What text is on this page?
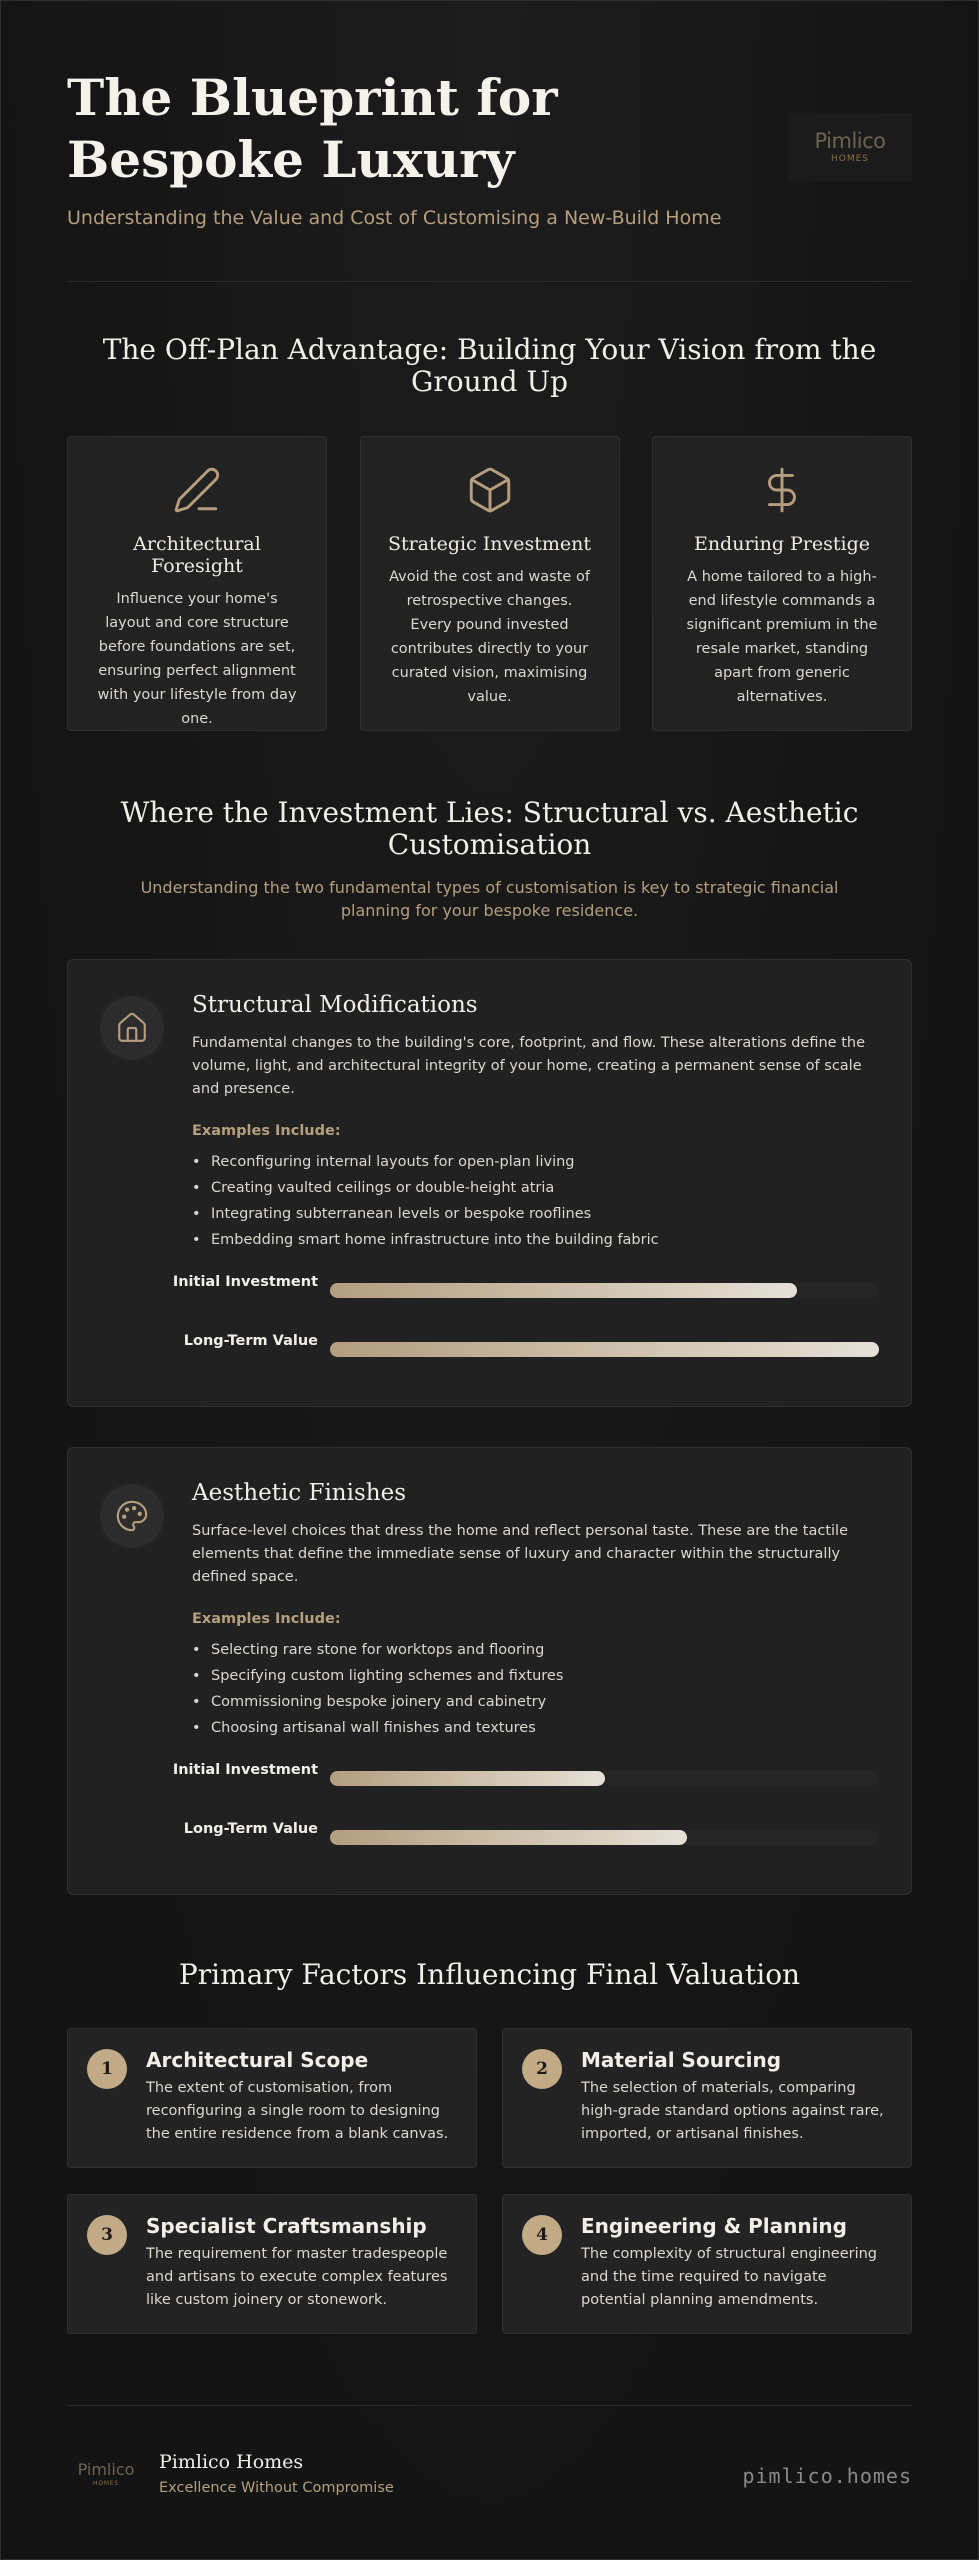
The Blueprint for Bespoke Luxury
Understanding the Value and Cost of Customising a New-Build Home
Pimlico
HOMES
The Off-Plan Advantage: Building Your Vision from the Ground Up
Architectural Foresight

Influence your home's layout and core structure before foundations are set, ensuring perfect alignment with your lifestyle from day one.

Strategic Investment

Avoid the cost and waste of retrospective changes. Every pound invested contributes directly to your curated vision, maximising value.

Enduring Prestige

A home tailored to a high-end lifestyle commands a significant premium in the resale market, standing apart from generic alternatives.

Where the Investment Lies: Structural vs. Aesthetic Customisation

Understanding the two fundamental types of customisation is key to strategic financial planning for your bespoke residence.

Structural Modifications

Fundamental changes to the building's core, footprint, and flow. These alterations define the volume, light, and architectural integrity of your home, creating a permanent sense of scale and presence.

Examples Include:
• Reconfiguring internal layouts for open-plan living
• Creating vaulted ceilings or double-height atria
• Integrating subterranean levels or bespoke rooflines
• Embedding smart home infrastructure into the building fabric
Initial Investment
Long-Term Value
Aesthetic Finishes

Surface-level choices that dress the home and reflect personal taste. These are the tactile elements that define the immediate sense of luxury and character within the structurally defined space.

Examples Include:
• Selecting rare stone for worktops and flooring
• Specifying custom lighting schemes and fixtures
• Commissioning bespoke joinery and cabinetry
• Choosing artisanal wall finishes and textures
Initial Investment
Long-Term Value
Primary Factors Influencing Final Valuation
1	Architectural Scope

The extent of customisation, from reconfiguring a single room to designing the entire residence from a blank canvas.

2	Material Sourcing

The selection of materials, comparing high-grade standard options against rare, imported, or artisanal finishes.

3	Specialist Craftsmanship

The requirement for master tradespeople and artisans to execute complex features like custom joinery or stonework.

4	Engineering & Planning

The complexity of structural engineering and the time required to navigate potential planning amendments.

Pimlico
HOMES
Pimlico Homes
Excellence Without Compromise	pimlico.homes
